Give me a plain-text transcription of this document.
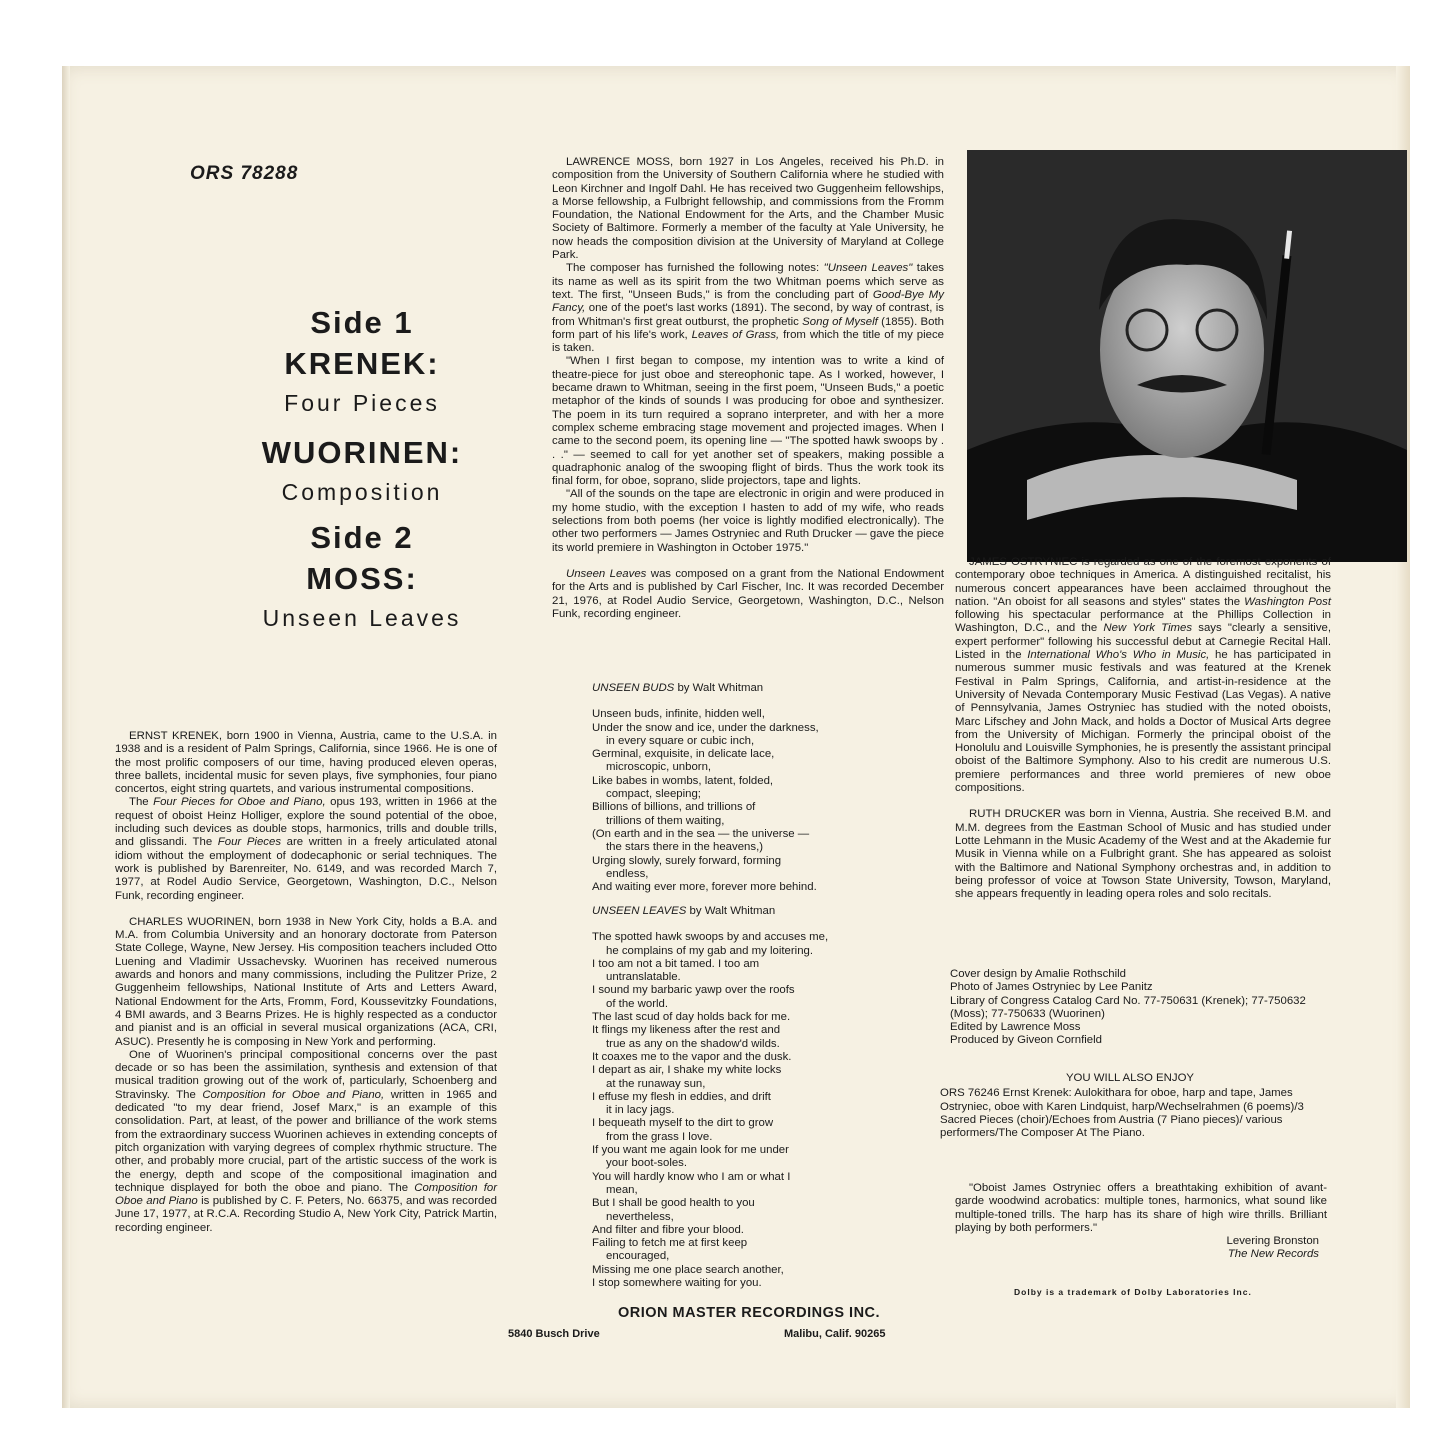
ORS 78288
Side 1
KRENEK:
Four Pieces
WUORINEN:
Composition
Side 2
MOSS:
Unseen Leaves

ERNST KRENEK, born 1900 in Vienna, Austria, came to the U.S.A. in 1938 and is a resident of Palm Springs, California, since 1966. He is one of the most prolific composers of our time, having produced eleven operas, three ballets, incidental music for seven plays, five symphonies, four piano concertos, eight string quartets, and various instrumental compositions.

The Four Pieces for Oboe and Piano, opus 193, written in 1966 at the request of oboist Heinz Holliger, explore the sound potential of the oboe, including such devices as double stops, harmonics, trills and double trills, and glissandi. The Four Pieces are written in a freely articulated atonal idiom without the employment of dodecaphonic or serial techniques. The work is published by Barenreiter, No. 6149, and was recorded March 7, 1977, at Rodel Audio Service, Georgetown, Washington, D.C., Nelson Funk, recording engineer.

CHARLES WUORINEN, born 1938 in New York City, holds a B.A. and M.A. from Columbia University and an honorary doctorate from Paterson State College, Wayne, New Jersey. His composition teachers included Otto Luening and Vladimir Ussachevsky. Wuorinen has received numerous awards and honors and many commissions, including the Pulitzer Prize, 2 Guggenheim fellowships, National Institute of Arts and Letters Award, National Endowment for the Arts, Fromm, Ford, Koussevitzky Foundations, 4 BMI awards, and 3 Bearns Prizes. He is highly respected as a conductor and pianist and is an official in several musical organizations (ACA, CRI, ASUC). Presently he is composing in New York and performing.

One of Wuorinen's principal compositional concerns over the past decade or so has been the assimilation, synthesis and extension of that musical tradition growing out of the work of, particularly, Schoenberg and Stravinsky. The Composition for Oboe and Piano, written in 1965 and dedicated "to my dear friend, Josef Marx," is an example of this consolidation. Part, at least, of the power and brilliance of the work stems from the extraordinary success Wuorinen achieves in extending concepts of pitch organization with varying degrees of complex rhythmic structure. The other, and probably more crucial, part of the artistic success of the work is the energy, depth and scope of the compositional imagination and technique displayed for both the oboe and piano. The Composition for Oboe and Piano is published by C. F. Peters, No. 66375, and was recorded June 17, 1977, at R.C.A. Recording Studio A, New York City, Patrick Martin, recording engineer.

LAWRENCE MOSS, born 1927 in Los Angeles, received his Ph.D. in composition from the University of Southern California where he studied with Leon Kirchner and Ingolf Dahl. He has received two Guggenheim fellowships, a Morse fellowship, a Fulbright fellowship, and commissions from the Fromm Foundation, the National Endowment for the Arts, and the Chamber Music Society of Baltimore. Formerly a member of the faculty at Yale University, he now heads the composition division at the University of Maryland at College Park.

The composer has furnished the following notes: "Unseen Leaves" takes its name as well as its spirit from the two Whitman poems which serve as text. The first, "Unseen Buds," is from the concluding part of Good-Bye My Fancy, one of the poet's last works (1891). The second, by way of contrast, is from Whitman's first great outburst, the prophetic Song of Myself (1855). Both form part of his life's work, Leaves of Grass, from which the title of my piece is taken.

"When I first began to compose, my intention was to write a kind of theatre-piece for just oboe and stereophonic tape. As I worked, however, I became drawn to Whitman, seeing in the first poem, "Unseen Buds," a poetic metaphor of the kinds of sounds I was producing for oboe and synthesizer. The poem in its turn required a soprano interpreter, and with her a more complex scheme embracing stage movement and projected images. When I came to the second poem, its opening line — "The spotted hawk swoops by . . ." — seemed to call for yet another set of speakers, making possible a quadraphonic analog of the swooping flight of birds. Thus the work took its final form, for oboe, soprano, slide projectors, tape and lights.

"All of the sounds on the tape are electronic in origin and were produced in my home studio, with the exception I hasten to add of my wife, who reads selections from both poems (her voice is lightly modified electronically). The other two performers — James Ostryniec and Ruth Drucker — gave the piece its world premiere in Washington in October 1975."

Unseen Leaves was composed on a grant from the National Endowment for the Arts and is published by Carl Fischer, Inc. It was recorded December 21, 1976, at Rodel Audio Service, Georgetown, Washington, D.C., Nelson Funk, recording engineer.

UNSEEN BUDS by Walt Whitman
Unseen buds, infinite, hidden well,
Under the snow and ice, under the darkness,
in every square or cubic inch,
Germinal, exquisite, in delicate lace,
microscopic, unborn,
Like babes in wombs, latent, folded,
compact, sleeping;
Billions of billions, and trillions of
trillions of them waiting,
(On earth and in the sea — the universe —
the stars there in the heavens,)
Urging slowly, surely forward, forming
endless,
And waiting ever more, forever more behind.
UNSEEN LEAVES by Walt Whitman
The spotted hawk swoops by and accuses me,
he complains of my gab and my loitering.
I too am not a bit tamed. I too am
untranslatable.
I sound my barbaric yawp over the roofs
of the world.
The last scud of day holds back for me.
It flings my likeness after the rest and
true as any on the shadow'd wilds.
It coaxes me to the vapor and the dusk.
I depart as air, I shake my white locks
at the runaway sun,
I effuse my flesh in eddies, and drift
it in lacy jags.
I bequeath myself to the dirt to grow
from the grass I love.
If you want me again look for me under
your boot-soles.
You will hardly know who I am or what I
mean,
But I shall be good health to you
nevertheless,
And filter and fibre your blood.
Failing to fetch me at first keep
encouraged,
Missing me one place search another,
I stop somewhere waiting for you.

JAMES OSTRYNIEC is regarded as one of the foremost exponents of contemporary oboe techniques in America. A distinguished recitalist, his numerous concert appearances have been acclaimed throughout the nation. "An oboist for all seasons and styles" states the Washington Post following his spectacular performance at the Phillips Collection in Washington, D.C., and the New York Times says "clearly a sensitive, expert performer" following his successful debut at Carnegie Recital Hall. Listed in the International Who's Who in Music, he has participated in numerous summer music festivals and was featured at the Krenek Festival in Palm Springs, California, and artist-in-residence at the University of Nevada Contemporary Music Festivad (Las Vegas). A native of Pennsylvania, James Ostryniec has studied with the noted oboists, Marc Lifschey and John Mack, and holds a Doctor of Musical Arts degree from the University of Michigan. Formerly the principal oboist of the Honolulu and Louisville Symphonies, he is presently the assistant principal oboist of the Baltimore Symphony. Also to his credit are numerous U.S. premiere performances and three world premieres of new oboe compositions.

RUTH DRUCKER was born in Vienna, Austria. She received B.M. and M.M. degrees from the Eastman School of Music and has studied under Lotte Lehmann in the Music Academy of the West and at the Akademie fur Musik in Vienna while on a Fulbright grant. She has appeared as soloist with the Baltimore and National Symphony orchestras and, in addition to being professor of voice at Towson State University, Towson, Maryland, she appears frequently in leading opera roles and solo recitals.

Cover design by Amalie Rothschild
Photo of James Ostryniec by Lee Panitz
Library of Congress Catalog Card No. 77-750631 (Krenek); 77-750632 (Moss); 77-750633 (Wuorinen)
Edited by Lawrence Moss
Produced by Giveon Cornfield
YOU WILL ALSO ENJOY
ORS 76246 Ernst Krenek: Aulokithara for oboe, harp and tape, James Ostryniec, oboe with Karen Lindquist, harp/Wechselrahmen (6 poems)/3 Sacred Pieces (choir)/Echoes from Austria (7 Piano pieces)/ various performers/The Composer At The Piano.

"Oboist James Ostryniec offers a breathtaking exhibition of avant-garde woodwind acrobatics: multiple tones, harmonics, what sound like multiple-toned trills. The harp has its share of high wire thrills. Brilliant playing by both performers."

Levering Bronston
The New Records
Dolby is a trademark of Dolby Laboratories Inc.
ORION MASTER RECORDINGS INC.
5840 Busch Drive	Malibu, Calif. 90265
